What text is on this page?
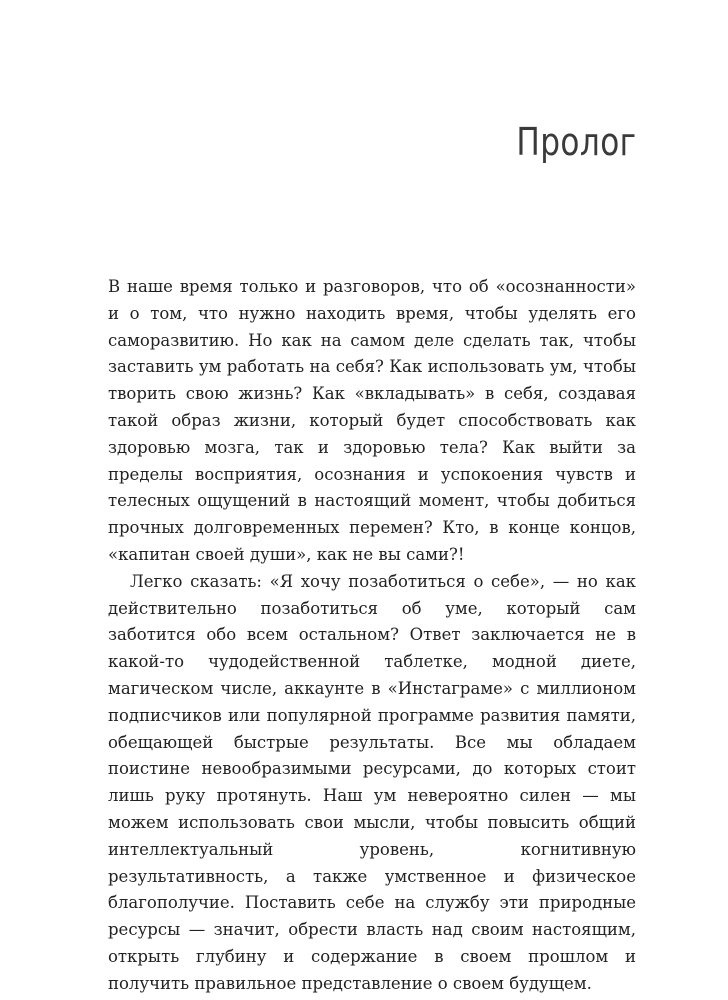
Пролог

В наше время только и разговоров, что об «осознанности» и о том, что нужно находить время, чтобы уделять его саморазвитию. Но как на самом деле сделать так, чтобы заставить ум работать на себя? Как использовать ум, чтобы творить свою жизнь? Как «вкладывать» в себя, создавая такой образ жизни, который будет способствовать как здоровью мозга, так и здоровью тела? Как выйти за пределы восприятия, осознания и успокоения чувств и телесных ощущений в настоящий момент, чтобы добиться прочных долговременных перемен? Кто, в конце концов, «капитан своей души», как не вы сами?!

Легко сказать: «Я хочу позаботиться о себе», — но как действительно позаботиться об уме, который сам заботится обо всем остальном? Ответ заключается не в какой-то чудодейственной таблетке, модной диете, магическом числе, аккаунте в «Инстаграме» с миллионом подписчиков или популярной программе развития памяти, обещающей быстрые результаты. Все мы обладаем поистине невообразимыми ресурсами, до которых стоит лишь руку протянуть. Наш ум невероятно силен — мы можем использовать свои мысли, чтобы повысить общий интеллектуальный уровень, когнитивную результативность, а также умственное и физическое благополучие. Поставить себе на службу эти природные ресурсы — значит, обрести власть над своим настоящим, открыть глубину и содержание в своем прошлом и получить правильное представление о своем будущем.
